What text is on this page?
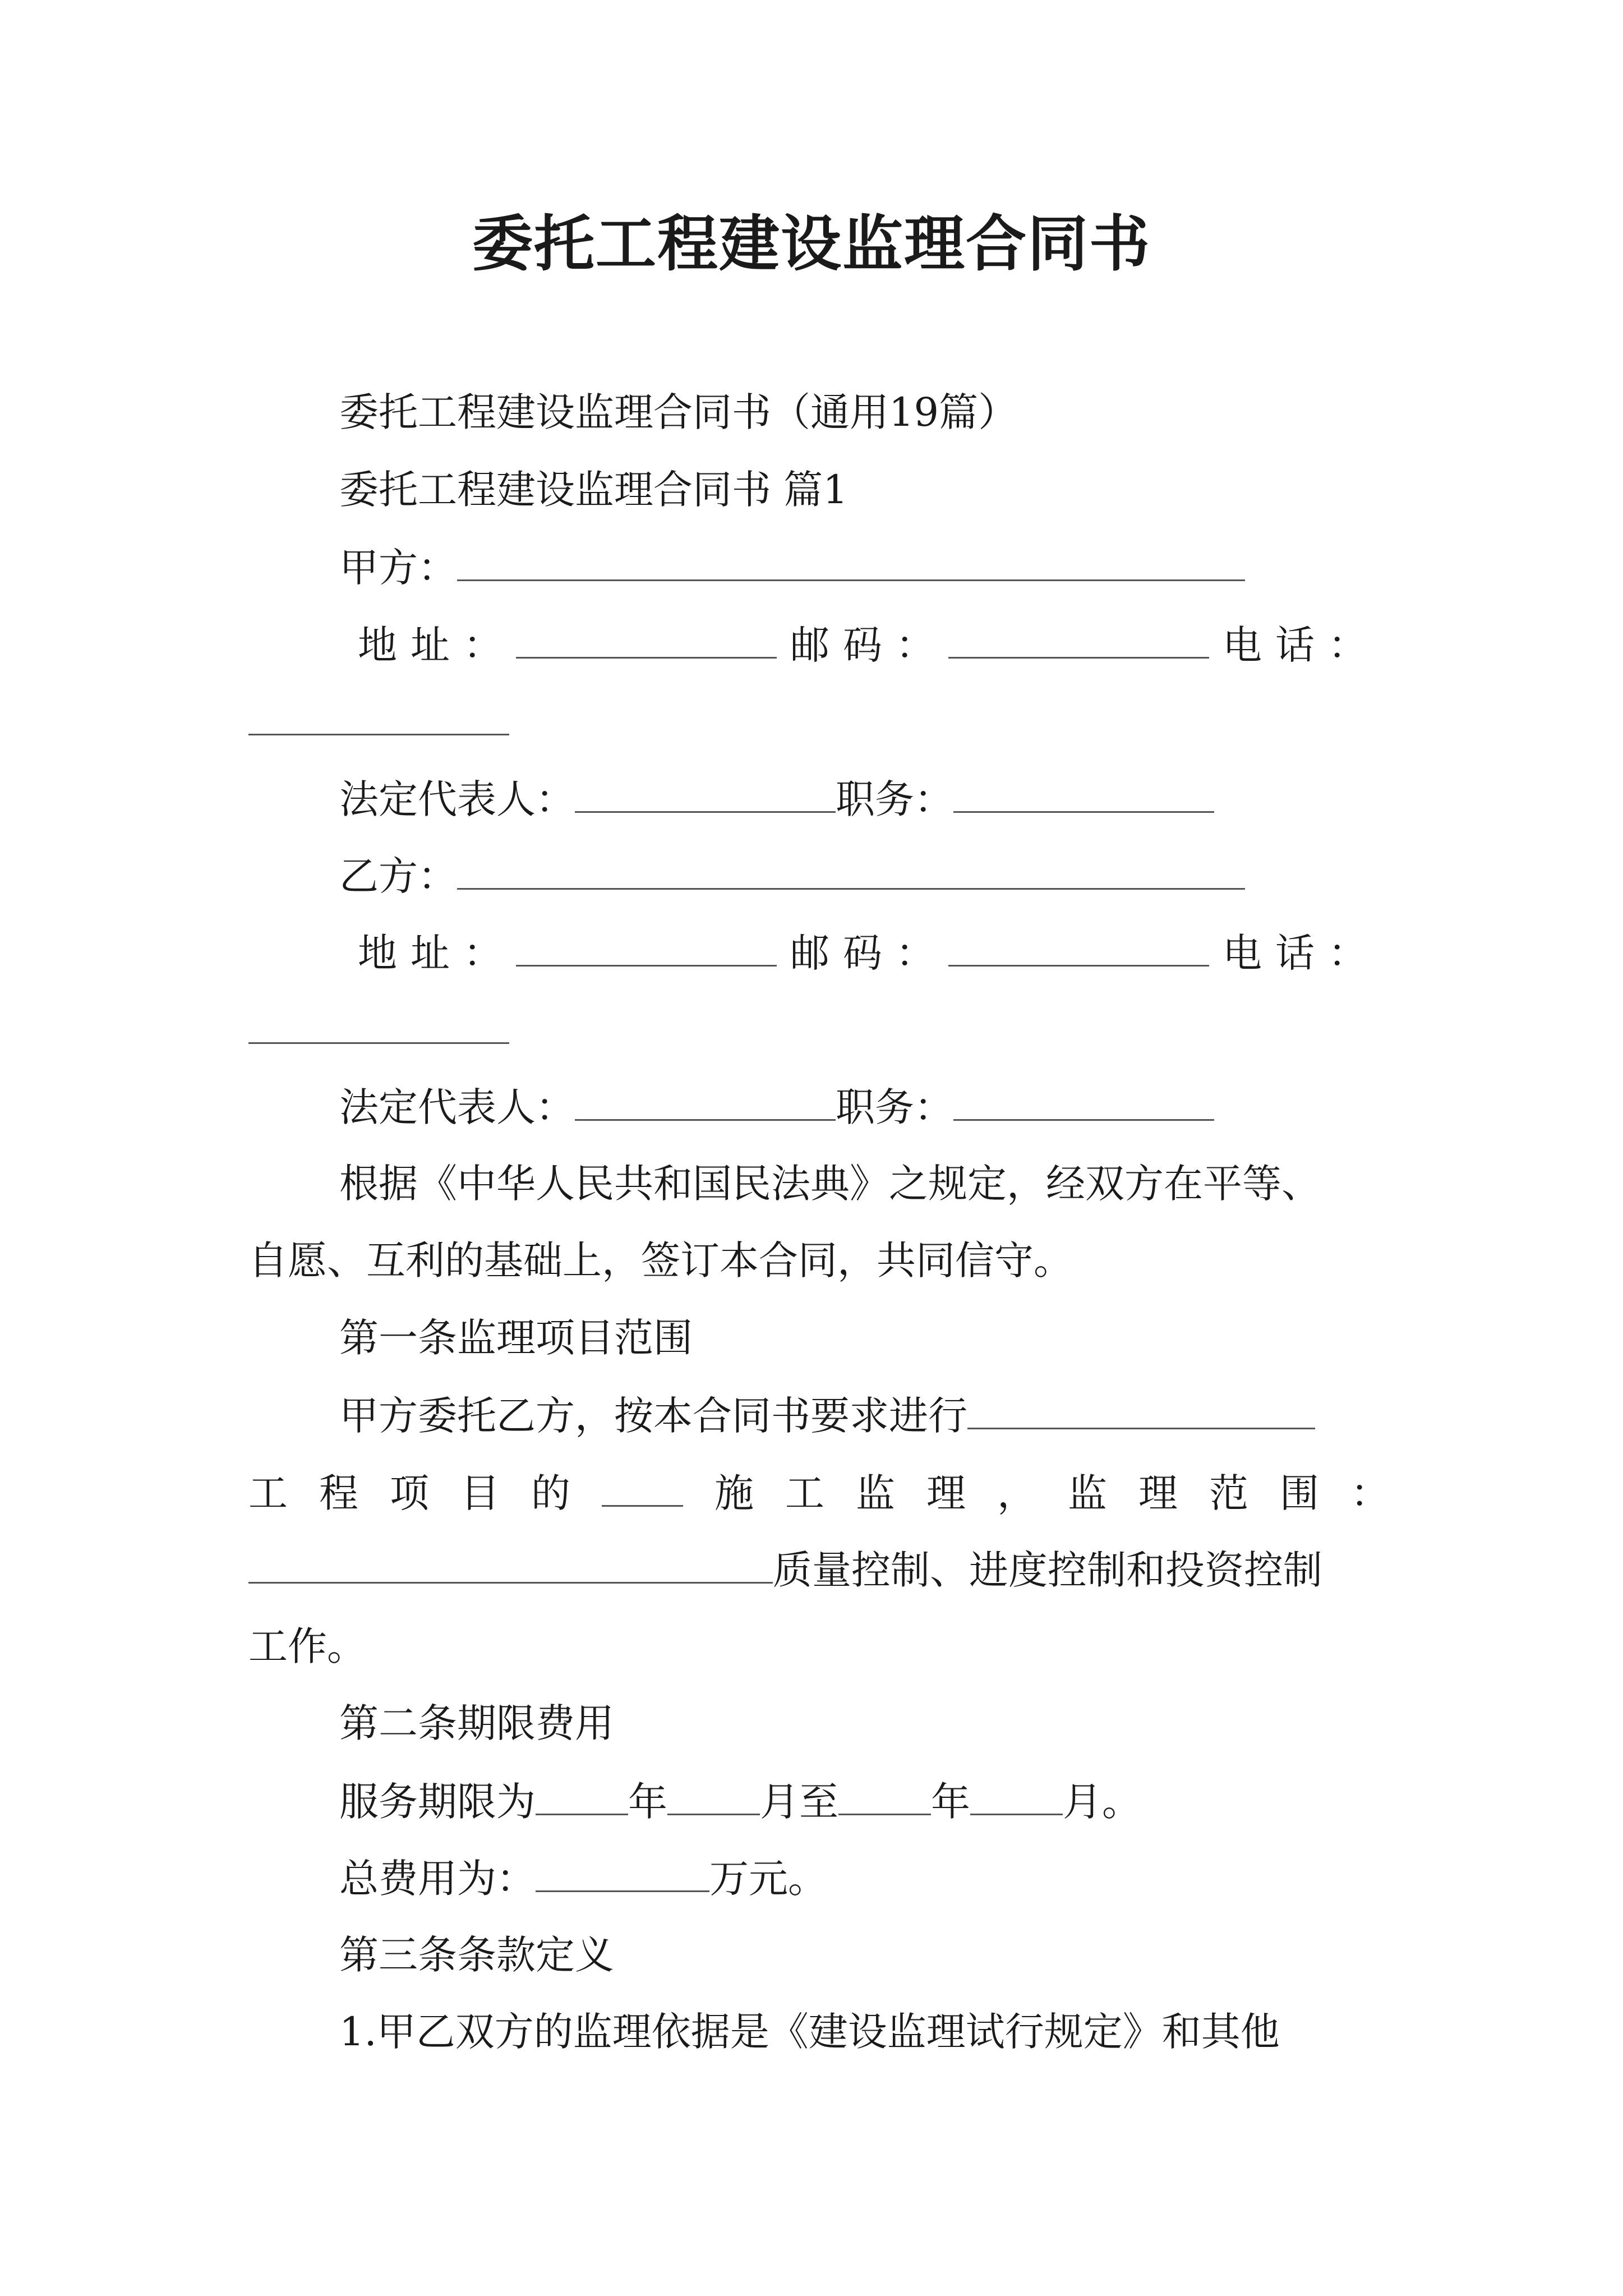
委托工程建设监理合同书
委托工程建设监理合同书（通用19篇）
委托工程建设监理合同书 篇1
甲方：
地 址 ：	邮 码 ：	电 话 ：
法定代表人：	职务：
乙方：
地 址 ：	邮 码 ：	电 话 ：
法定代表人：	职务：
根据《中华人民共和国民法典》之规定，经双方在平等、
自愿、互利的基础上，签订本合同，共同信守。
第一条监理项目范围
甲方委托乙方，按本合同书要求进行
工 程 项 目 的	施 工 监 理 ， 监 理 范 围 ：
质量控制、进度控制和投资控制
工作。
第二条期限费用
服务期限为 年 月至 年 月。
总费用为：	万元。
第三条条款定义
1.甲乙双方的监理依据是《建设监理试行规定》和其他
